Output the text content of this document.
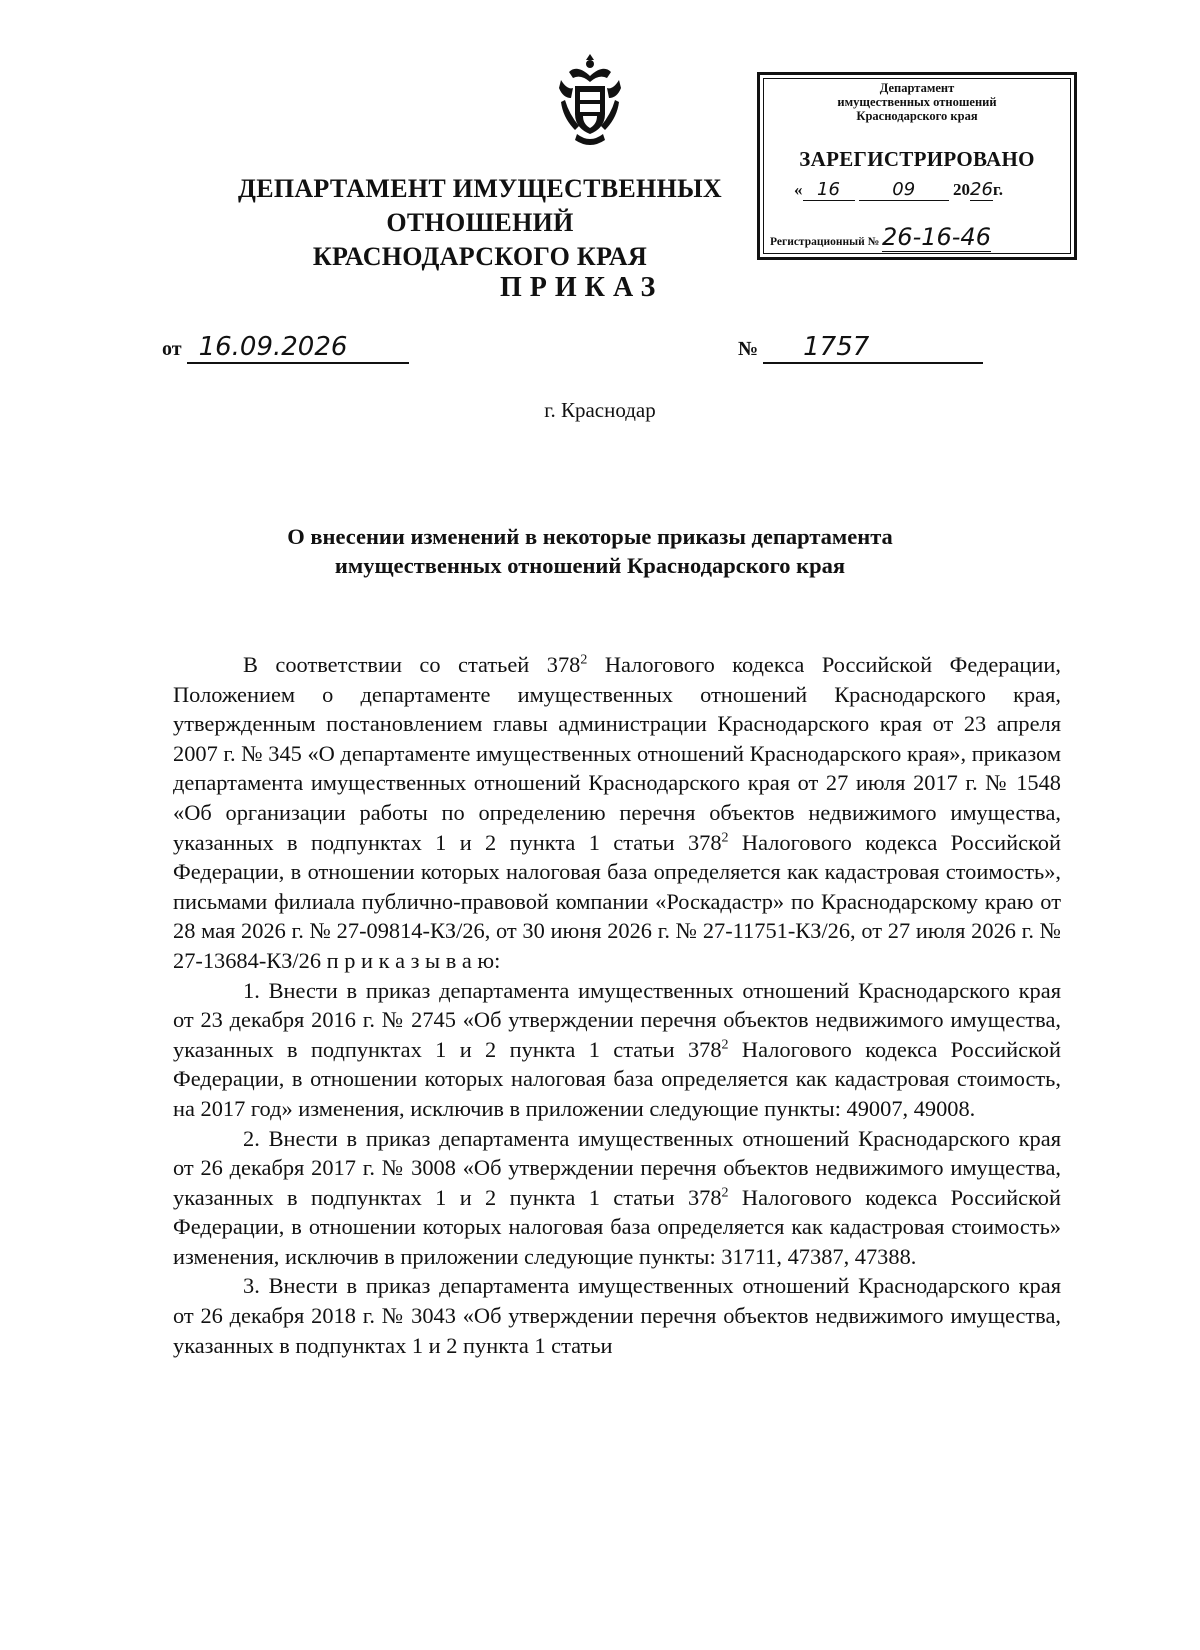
ДЕПАРТАМЕНТ ИМУЩЕСТВЕННЫХ ОТНОШЕНИЙ
КРАСНОДАРСКОГО КРАЯ
Департамент
имущественных отношений
Краснодарского края
ЗАРЕГИСТРИРОВАНО
« 16	09 2026г.
Регистрационный № 26-16-46
ПРИКАЗ
от 16.09.2026	№ 1757
г. Краснодар
О внесении изменений в некоторые приказы департамента
имущественных отношений Краснодарского края

В соответствии со статьей $378^2$ Налогового кодекса Российской Федерации, Положением о департаменте имущественных отношений Краснодарского края, утвержденным постановлением главы администрации Краснодарского края от 23 апреля 2007 г. № 345 «О департаменте имущественных отношений Краснодарского края», приказом департамента имущественных отношений Краснодарского края от 27 июля 2017 г. № 1548 «Об организации работы по определению перечня объектов недвижимого имущества, указанных в подпунктах 1 и 2 пункта 1 статьи $378^2$ Налогового кодекса Российской Федерации, в отношении которых налоговая база определяется как кадастровая стоимость», письмами филиала публично-правовой компании «Роскадастр» по Краснодарскому краю от 28 мая 2026 г. № 27-09814-КЗ/26, от 30 июня 2026 г. № 27-11751-КЗ/26, от 27 июля 2026 г. № 27-13684-КЗ/26 п р и к а з ы в а ю:

1. Внести в приказ департамента имущественных отношений Краснодарского края от 23 декабря 2016 г. № 2745 «Об утверждении перечня объектов недвижимого имущества, указанных в подпунктах 1 и 2 пункта 1 статьи $378^2$ Налогового кодекса Российской Федерации, в отношении которых налоговая база определяется как кадастровая стоимость, на 2017 год» изменения, исключив в приложении следующие пункты: 49007, 49008.

2. Внести в приказ департамента имущественных отношений Краснодарского края от 26 декабря 2017 г. № 3008 «Об утверждении перечня объектов недвижимого имущества, указанных в подпунктах 1 и 2 пункта 1 статьи $378^2$ Налогового кодекса Российской Федерации, в отношении которых налоговая база определяется как кадастровая стоимость» изменения, исключив в приложении следующие пункты: 31711, 47387, 47388.

3. Внести в приказ департамента имущественных отношений Краснодарского края от 26 декабря 2018 г. № 3043 «Об утверждении перечня объектов недвижимого имущества, указанных в подпунктах 1 и 2 пункта 1 статьи
